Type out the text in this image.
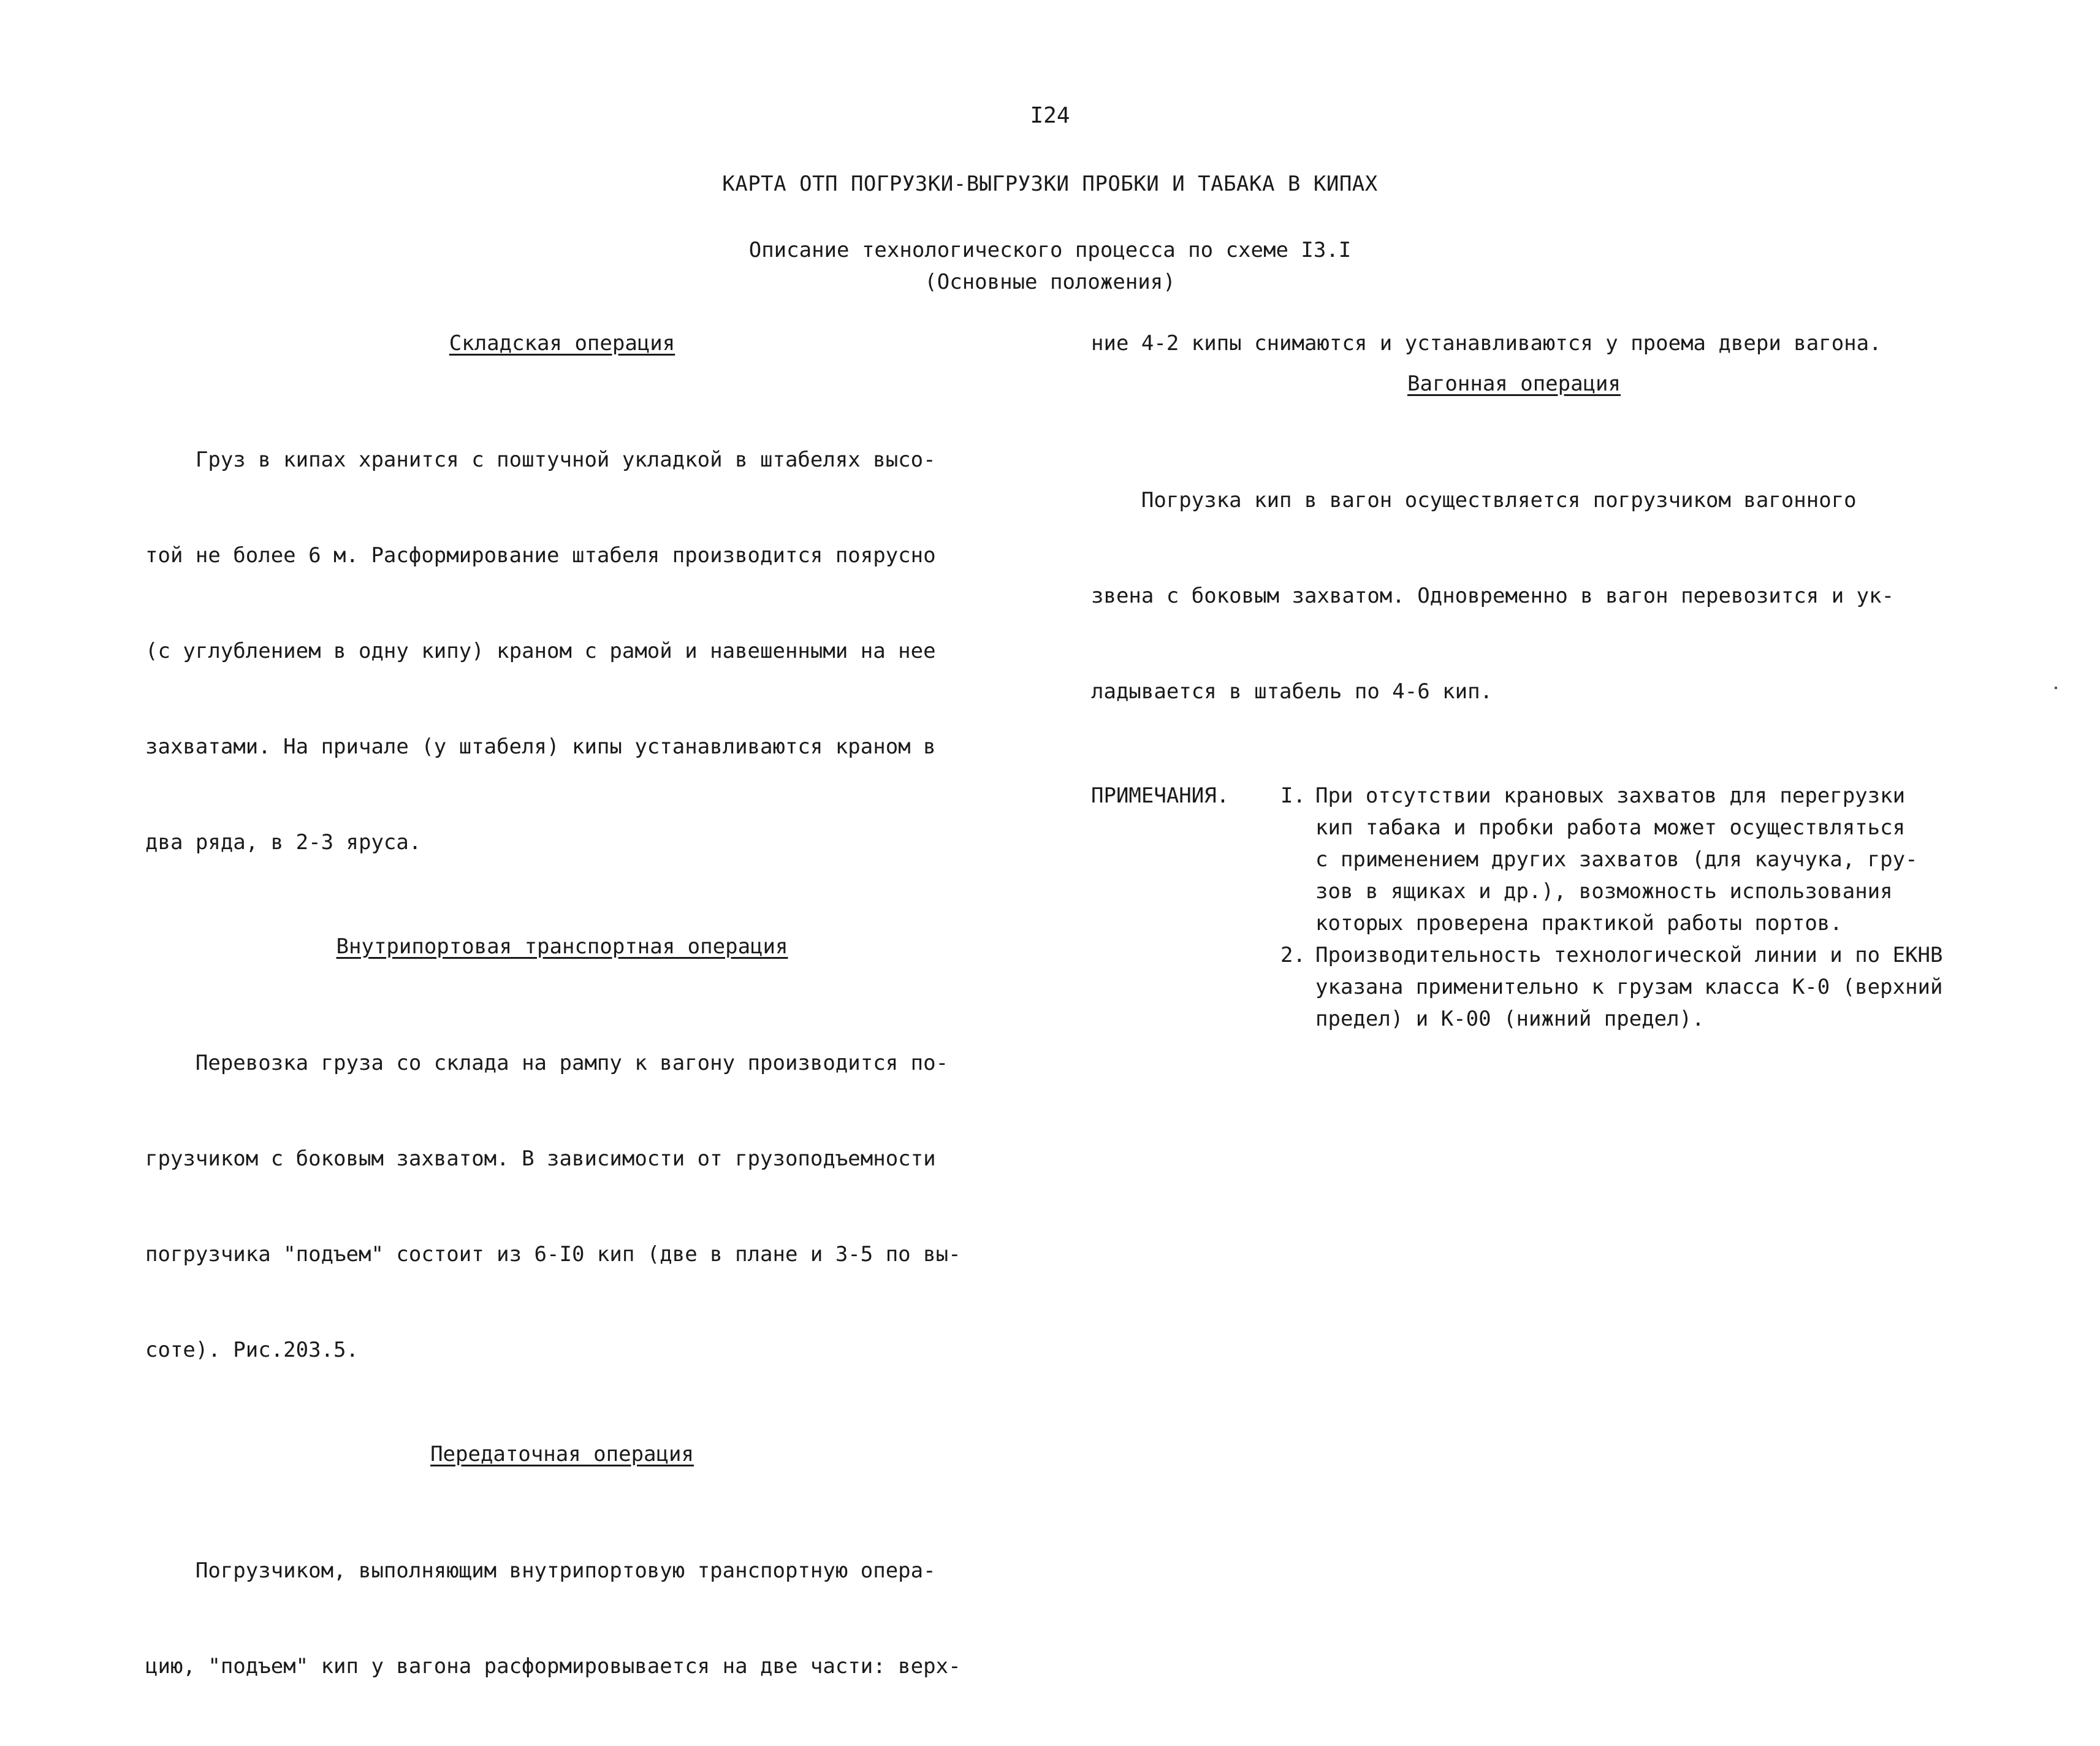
I24
КАРТА ОТП ПОГРУЗКИ-ВЫГРУЗКИ ПРОБКИ И ТАБАКА В КИПАХ
Описание технологического процесса по схеме I3.I
(Основные положения)
Складская операция

Груз в кипах хранится с поштучной укладкой в штабелях высо-

той не более 6 м. Расформирование штабеля производится поярусно

(с углублением в одну кипу) краном с рамой и навешенными на нее

захватами. На причале (у штабеля) кипы устанавливаются краном в

два ряда, в 2-3 яруса.

Внутрипортовая транспортная операция

Перевозка груза со склада на рампу к вагону производится по-

грузчиком с боковым захватом. В зависимости от грузоподъемности

погрузчика "подъем" состоит из 6-I0 кип (две в плане и 3-5 по вы-

соте). Рис.203.5.

Передаточная операция

Погрузчиком, выполняющим внутрипортовую транспортную опера-

цию, "подъем" кип у вагона расформировывается на две части: верх-

ние 4-2 кипы снимаются и устанавливаются у проема двери вагона.
Вагонная операция

Погрузка кип в вагон осуществляется погрузчиком вагонного

звена с боковым захватом. Одновременно в вагон перевозится и ук-

ладывается в штабель по 4-6 кип.

ПРИМЕЧАНИЯ.	I. При отсутствии крановых захватов для перегрузки
кип табака и пробки работа может осуществляться
с применением других захватов (для каучука, гру-
зов в ящиках и др.), возможность использования
которых проверена практикой работы портов.
2. Производительность технологической линии и по ЕКНВ
указана применительно к грузам класса К-0 (верхний
предел) и К-00 (нижний предел).
